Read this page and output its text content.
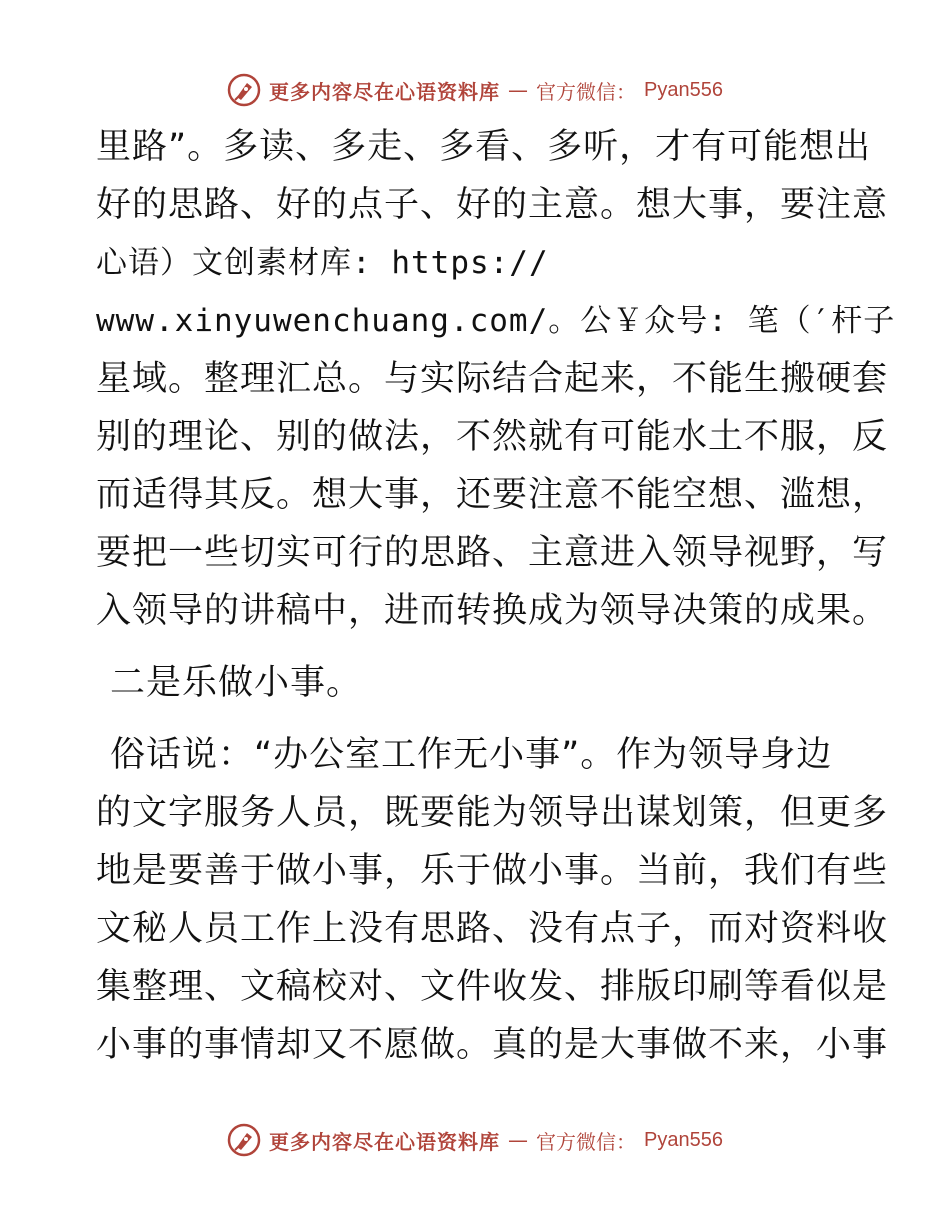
更多内容尽在心语资料库 — 官方微信： Pyan556
里路”。多读、多走、多看、多听，才有可能想出
好的思路、好的点子、好的主意。想大事，要注意
心语）文创素材库: https://
www.xinyuwenchuang.com/。公￥众号: 笔（′杆子
星域。整理汇总。与实际结合起来，不能生搬硬套
别的理论、别的做法，不然就有可能水土不服，反
而适得其反。想大事，还要注意不能空想、滥想，
要把一些切实可行的思路、主意进入领导视野，写
入领导的讲稿中，进而转换成为领导决策的成果。
二是乐做小事。
俗话说：“办公室工作无小事”。作为领导身边
的文字服务人员，既要能为领导出谋划策，但更多
地是要善于做小事，乐于做小事。当前，我们有些
文秘人员工作上没有思路、没有点子，而对资料收
集整理、文稿校对、文件收发、排版印刷等看似是
小事的事情却又不愿做。真的是大事做不来，小事
更多内容尽在心语资料库 — 官方微信： Pyan556
